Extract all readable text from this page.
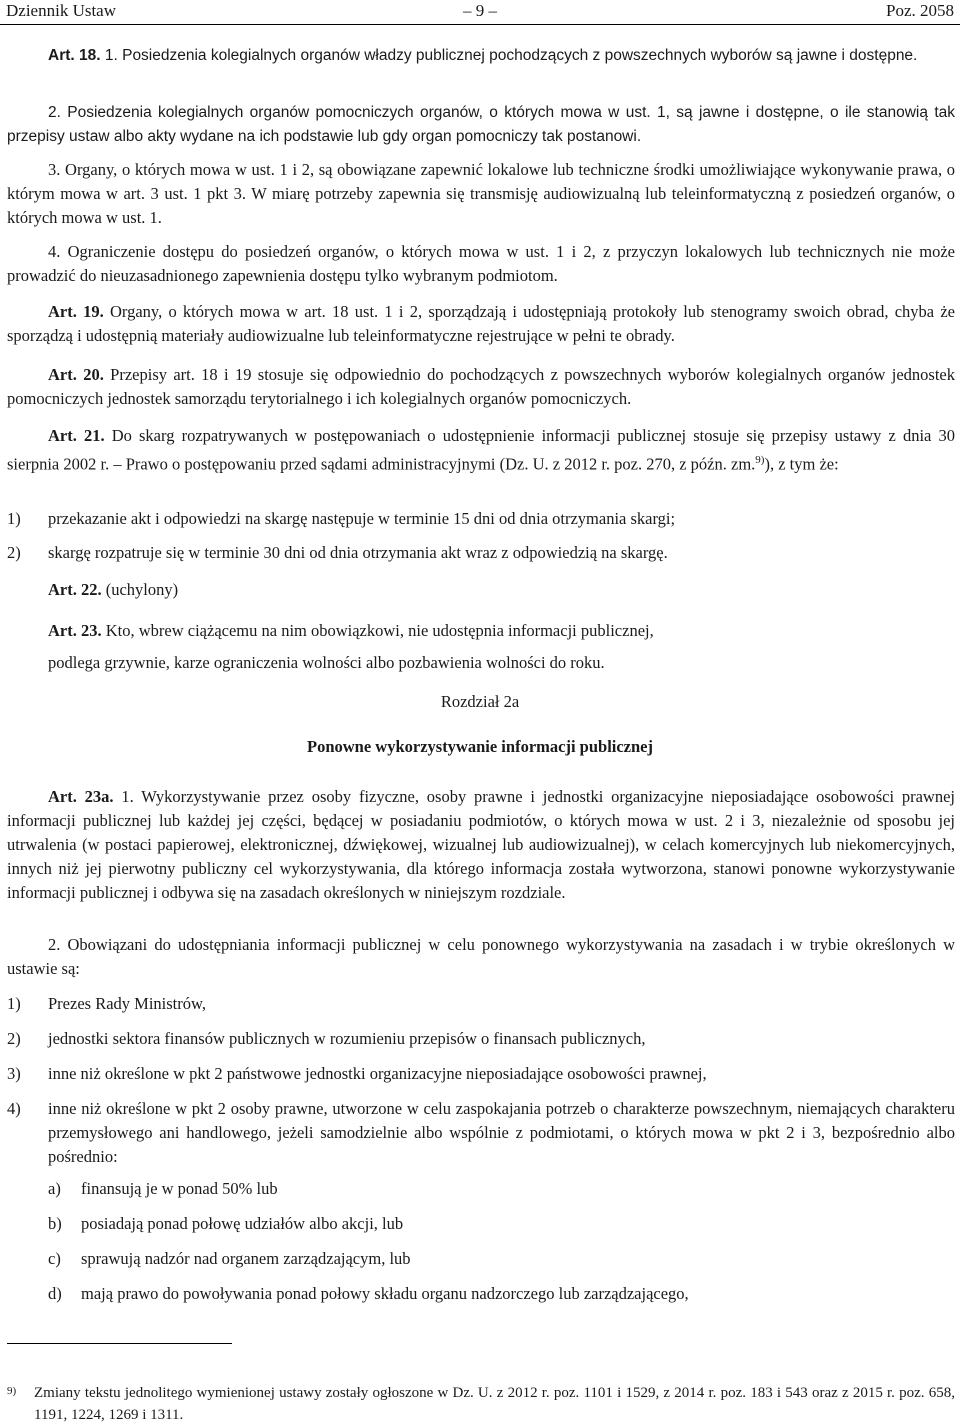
Dziennik Ustaw	– 9 –	Poz. 2058

Art. 18. 1. Posiedzenia kolegialnych organów władzy publicznej pochodzących z powszechnych wyborów są jawne i dostępne.

2. Posiedzenia kolegialnych organów pomocniczych organów, o których mowa w ust. 1, są jawne i dostępne, o ile stanowią tak przepisy ustaw albo akty wydane na ich podstawie lub gdy organ pomocniczy tak postanowi.

3. Organy, o których mowa w ust. 1 i 2, są obowiązane zapewnić lokalowe lub techniczne środki umożliwiające wykonywanie prawa, o którym mowa w art. 3 ust. 1 pkt 3. W miarę potrzeby zapewnia się transmisję audiowizualną lub teleinformatyczną z posiedzeń organów, o których mowa w ust. 1.

4. Ograniczenie dostępu do posiedzeń organów, o których mowa w ust. 1 i 2, z przyczyn lokalowych lub technicznych nie może prowadzić do nieuzasadnionego zapewnienia dostępu tylko wybranym podmiotom.

Art. 19. Organy, o których mowa w art. 18 ust. 1 i 2, sporządzają i udostępniają protokoły lub stenogramy swoich obrad, chyba że sporządzą i udostępnią materiały audiowizualne lub teleinformatyczne rejestrujące w pełni te obrady.

Art. 20. Przepisy art. 18 i 19 stosuje się odpowiednio do pochodzących z powszechnych wyborów kolegialnych organów jednostek pomocniczych jednostek samorządu terytorialnego i ich kolegialnych organów pomocniczych.

Art. 21. Do skarg rozpatrywanych w postępowaniach o udostępnienie informacji publicznej stosuje się przepisy ustawy z dnia 30 sierpnia 2002 r. – Prawo o postępowaniu przed sądami administracyjnymi (Dz. U. z 2012 r. poz. 270, z późn. zm.$^{9)}$), z tym że:

1) przekazanie akt i odpowiedzi na skargę następuje w terminie 15 dni od dnia otrzymania skargi;
2) skargę rozpatruje się w terminie 30 dni od dnia otrzymania akt wraz z odpowiedzią na skargę.

Art. 22. (uchylony)

Art. 23. Kto, wbrew ciążącemu na nim obowiązkowi, nie udostępnia informacji publicznej,

podlega grzywnie, karze ograniczenia wolności albo pozbawienia wolności do roku.

Rozdział 2a

Ponowne wykorzystywanie informacji publicznej

Art. 23a. 1. Wykorzystywanie przez osoby fizyczne, osoby prawne i jednostki organizacyjne nieposiadające osobowości prawnej informacji publicznej lub każdej jej części, będącej w posiadaniu podmiotów, o których mowa w ust. 2 i 3, niezależnie od sposobu jej utrwalenia (w postaci papierowej, elektronicznej, dźwiękowej, wizualnej lub audiowizualnej), w celach komercyjnych lub niekomercyjnych, innych niż jej pierwotny publiczny cel wykorzystywania, dla którego informacja została wytworzona, stanowi ponowne wykorzystywanie informacji publicznej i odbywa się na zasadach określonych w niniejszym rozdziale.

2. Obowiązani do udostępniania informacji publicznej w celu ponownego wykorzystywania na zasadach i w trybie określonych w ustawie są:

1) Prezes Rady Ministrów,
2) jednostki sektora finansów publicznych w rozumieniu przepisów o finansach publicznych,
3) inne niż określone w pkt 2 państwowe jednostki organizacyjne nieposiadające osobowości prawnej,
4) inne niż określone w pkt 2 osoby prawne, utworzone w celu zaspokajania potrzeb o charakterze powszechnym, niemających charakteru przemysłowego ani handlowego, jeżeli samodzielnie albo wspólnie z podmiotami, o których mowa w pkt 2 i 3, bezpośrednio albo pośrednio:
a) finansują je w ponad 50% lub
b) posiadają ponad połowę udziałów albo akcji, lub
c) sprawują nadzór nad organem zarządzającym, lub
d) mają prawo do powoływania ponad połowy składu organu nadzorczego lub zarządzającego,
9) Zmiany tekstu jednolitego wymienionej ustawy zostały ogłoszone w Dz. U. z 2012 r. poz. 1101 i 1529, z 2014 r. poz. 183 i 543 oraz z 2015 r. poz. 658, 1191, 1224, 1269 i 1311.
